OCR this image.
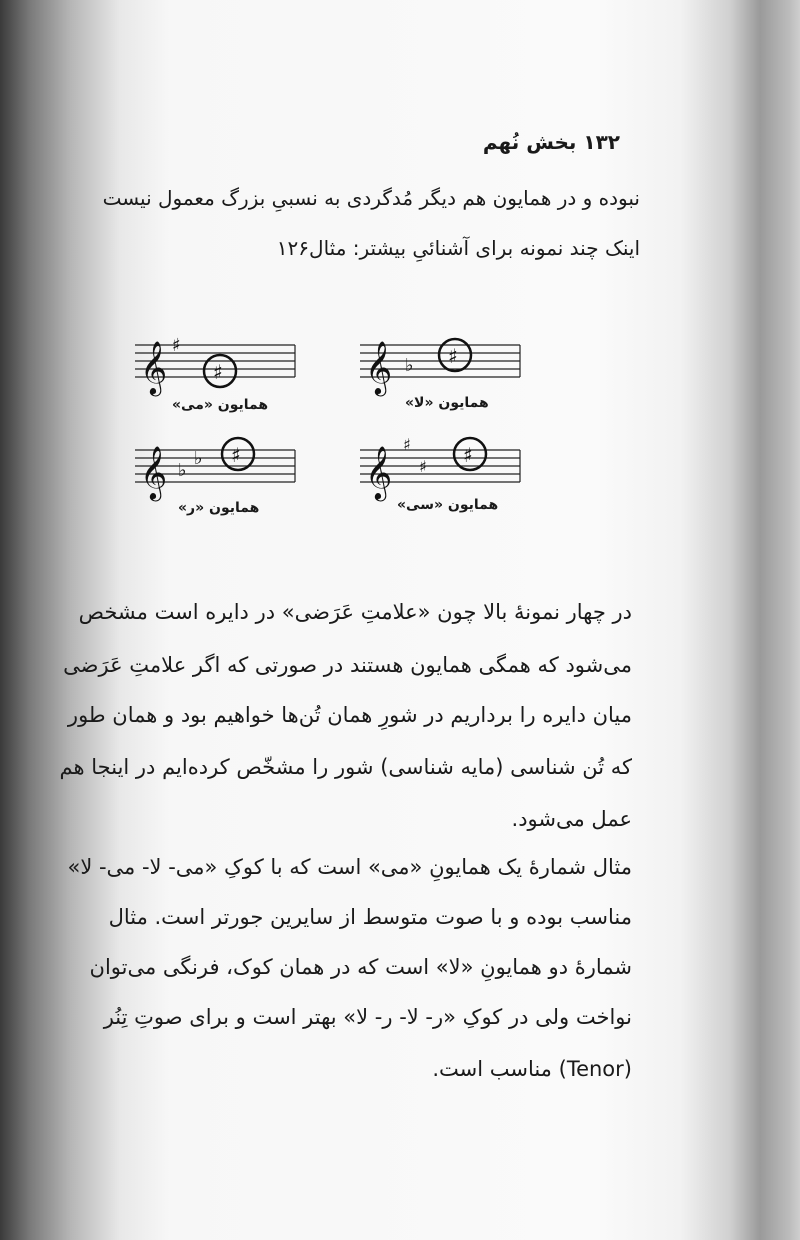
۱۳۲ بخش نُهم
نبوده و در همایون هم دیگر مُدگردی به نسبیِ بزرگ معمول نیست
اینک چند نمونه برای آشنائیِ بیشتر: مثال۱۲۶
𝄞 ♭ ♯
همایون «لا»
𝄞 ♯
♯
همایون «می»
𝄞
♯
♯ ♯
همایون «سی»
𝄞 ♭
♭ ♯
همایون «ر»
در چهار نمونهٔ بالا چون «علامتِ عَرَضی» در دایره است مشخص
می‌شود که همگی همایون هستند در صورتی که اگر علامتِ عَرَضی
میان دایره را برداریم در شورِ همان تُن‌ها خواهیم بود و همان طور
که تُن شناسی (مایه شناسی) شور را مشخّص کرده‌ایم در اینجا هم
عمل می‌شود.
مثال شمارهٔ یک همایونِ «می» است که با کوکِ «می- لا- می- لا»
مناسب بوده و با صوت متوسط از سایرین جورتر است. مثال
شمارهٔ دو همایونِ «لا» است که در همان کوک، فرنگی می‌توان
نواخت ولی در کوکِ «ر- لا- ر- لا» بهتر است و برای صوتِ تِنُر
(Tenor) مناسب است.
